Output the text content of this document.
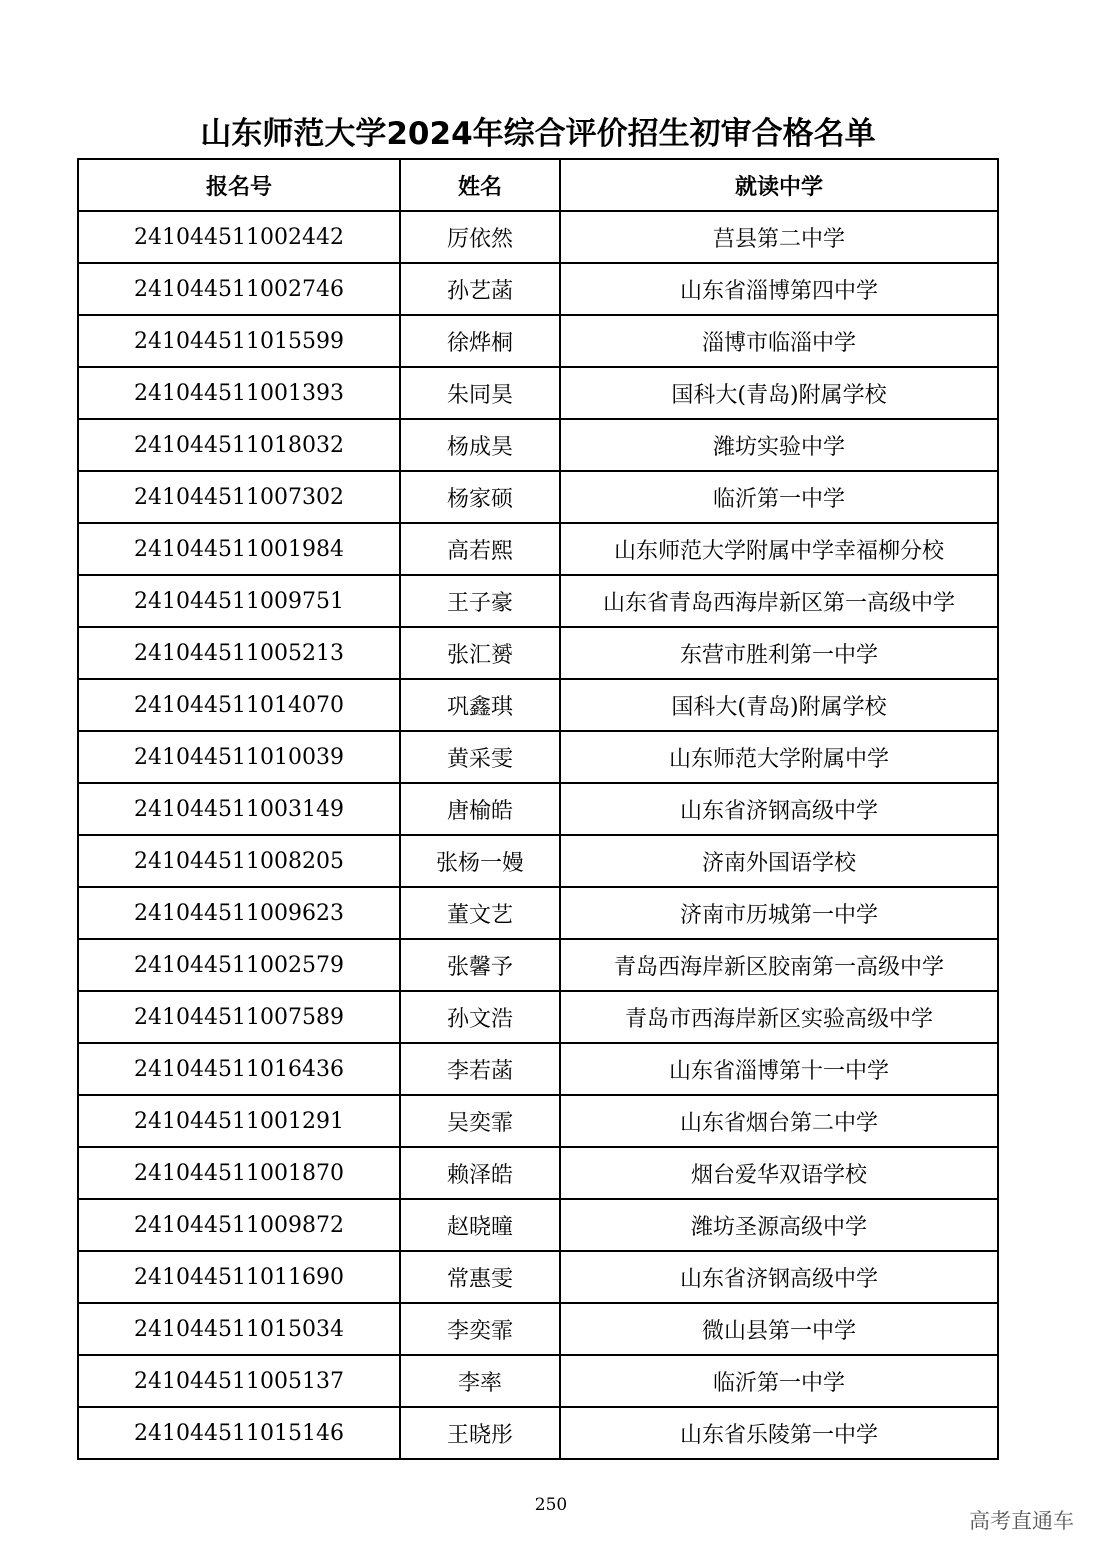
山东师范大学2024年综合评价招生初审合格名单
报名号	姓名	就读中学
241044511002442	厉依然	莒县第二中学
241044511002746	孙艺菡	山东省淄博第四中学
241044511015599	徐烨桐	淄博市临淄中学
241044511001393	朱同昊	国科大(青岛)附属学校
241044511018032	杨成昊	潍坊实验中学
241044511007302	杨家硕	临沂第一中学
241044511001984	高若熙	山东师范大学附属中学幸福柳分校
241044511009751	王子豪	山东省青岛西海岸新区第一高级中学
241044511005213	张汇赟	东营市胜利第一中学
241044511014070	巩鑫琪	国科大(青岛)附属学校
241044511010039	黄采雯	山东师范大学附属中学
241044511003149	唐榆皓	山东省济钢高级中学
241044511008205	张杨一嫚	济南外国语学校
241044511009623	董文艺	济南市历城第一中学
241044511002579	张馨予	青岛西海岸新区胶南第一高级中学
241044511007589	孙文浩	青岛市西海岸新区实验高级中学
241044511016436	李若菡	山东省淄博第十一中学
241044511001291	吴奕霏	山东省烟台第二中学
241044511001870	赖泽皓	烟台爱华双语学校
241044511009872	赵晓曈	潍坊圣源高级中学
241044511011690	常惠雯	山东省济钢高级中学
241044511015034	李奕霏	微山县第一中学
241044511005137	李率	临沂第一中学
241044511015146	王晓彤	山东省乐陵第一中学
250
高考直通车
